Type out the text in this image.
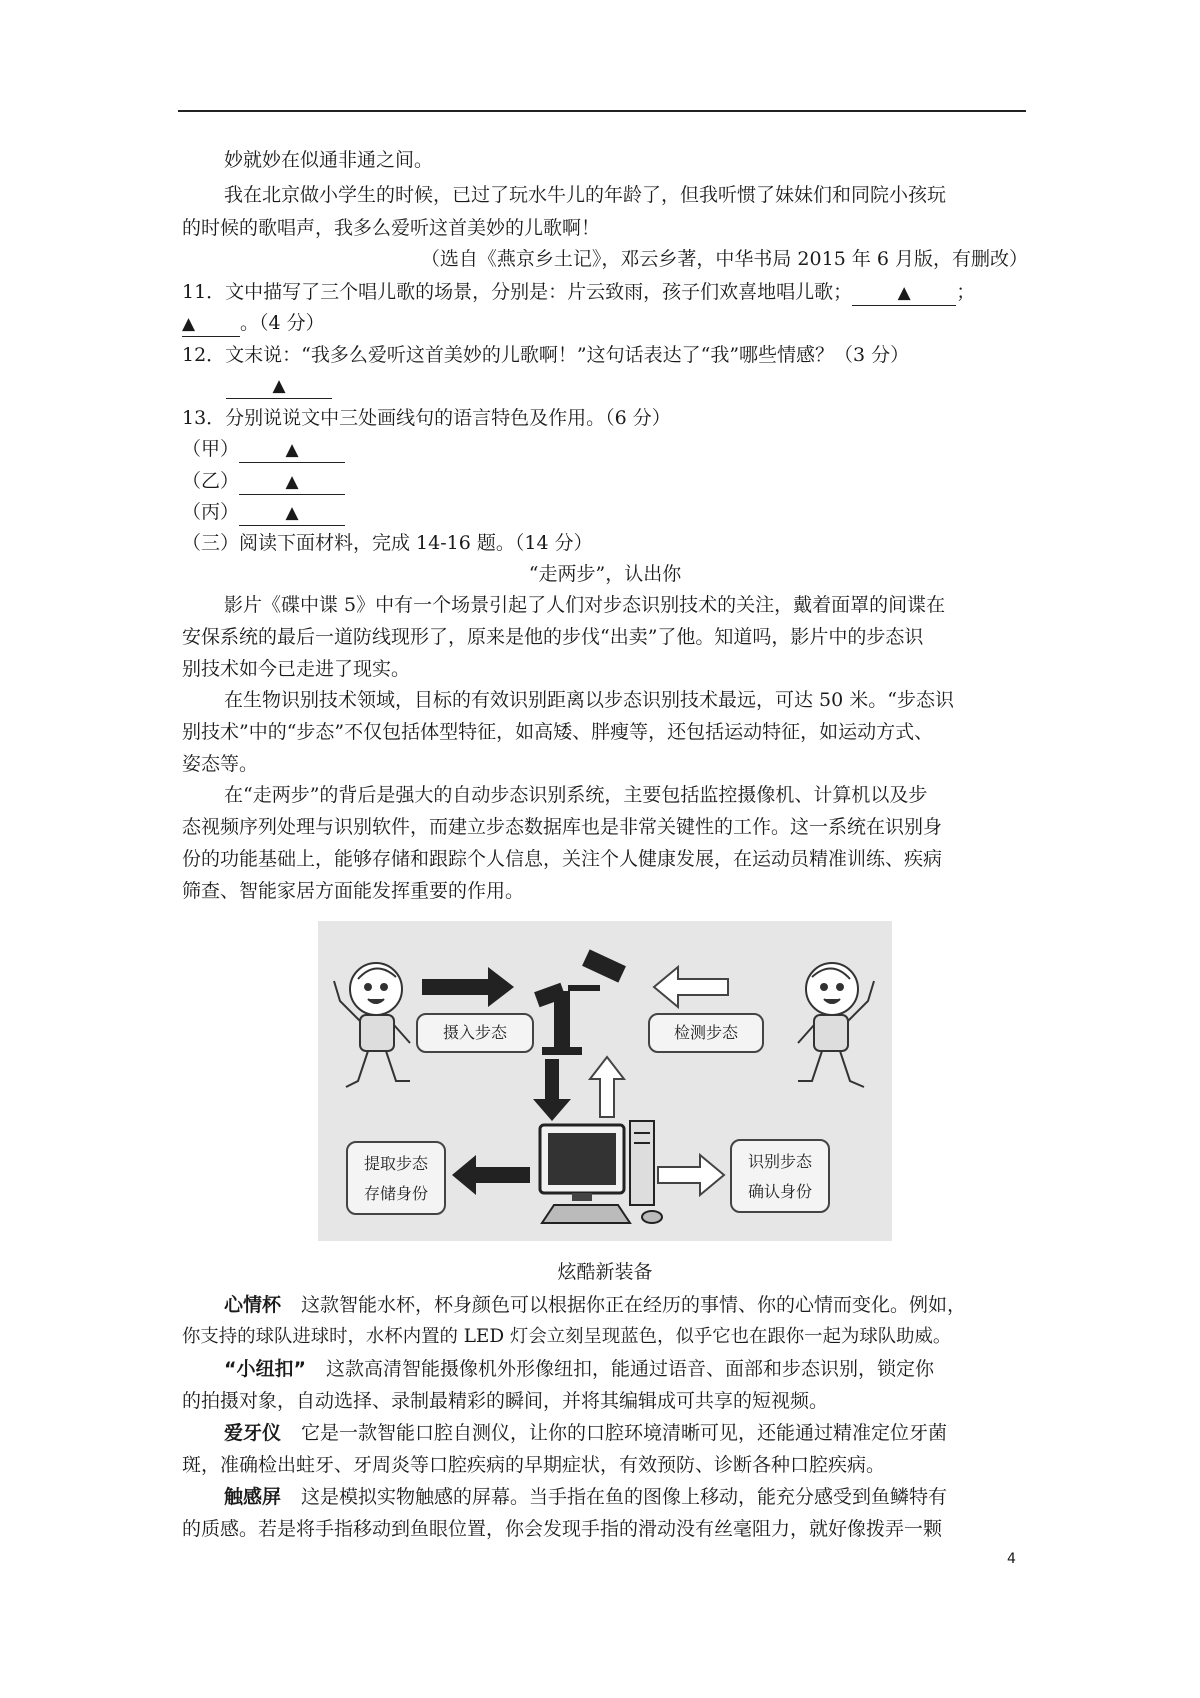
妙就妙在似通非通之间。
我在北京做小学生的时候，已过了玩水牛儿的年龄了，但我听惯了妹妹们和同院小孩玩
的时候的歌唱声，我多么爱听这首美妙的儿歌啊！
（选自《燕京乡土记》，邓云乡著，中华书局 2015 年 6 月版，有删改）
11．文中描写了三个唱儿歌的场景，分别是：片云致雨，孩子们欢喜地唱儿歌；	▲ ；
▲ 。（4 分）
12．文末说：“我多么爱听这首美妙的儿歌啊！”这句话表达了“我”哪些情感？（3 分）
▲
13．分别说说文中三处画线句的语言特色及作用。（6 分）
（甲）	▲
（乙）	▲
（丙）	▲
（三）阅读下面材料，完成 14-16 题。（14 分）
“走两步”，认出你
影片《碟中谍 5》中有一个场景引起了人们对步态识别技术的关注，戴着面罩的间谍在
安保系统的最后一道防线现形了，原来是他的步伐“出卖”了他。知道吗，影片中的步态识
别技术如今已走进了现实。
在生物识别技术领域，目标的有效识别距离以步态识别技术最远，可达 50 米。“步态识
别技术”中的“步态”不仅包括体型特征，如高矮、胖瘦等，还包括运动特征，如运动方式、
姿态等。
在“走两步”的背后是强大的自动步态识别系统，主要包括监控摄像机、计算机以及步
态视频序列处理与识别软件，而建立步态数据库也是非常关键性的工作。这一系统在识别身
份的功能基础上，能够存储和跟踪个人信息，关注个人健康发展，在运动员精准训练、疾病
筛查、智能家居方面能发挥重要的作用。
炫酷新装备
心情杯 这款智能水杯，杯身颜色可以根据你正在经历的事情、你的心情而变化。例如，
你支持的球队进球时，水杯内置的 LED 灯会立刻呈现蓝色，似乎它也在跟你一起为球队助威。
“小纽扣” 这款高清智能摄像机外形像纽扣，能通过语音、面部和步态识别，锁定你
的拍摄对象，自动选择、录制最精彩的瞬间，并将其编辑成可共享的短视频。
爱牙仪 它是一款智能口腔自测仪，让你的口腔环境清晰可见，还能通过精准定位牙菌
斑，准确检出蛀牙、牙周炎等口腔疾病的早期症状，有效预防、诊断各种口腔疾病。
触感屏 这是模拟实物触感的屏幕。当手指在鱼的图像上移动，能充分感受到鱼鳞特有
的质感。若是将手指移动到鱼眼位置，你会发现手指的滑动没有丝毫阻力，就好像拨弄一颗
摄入步态	检测步态
提取步态
存储身份
识别步态
确认身份
4
